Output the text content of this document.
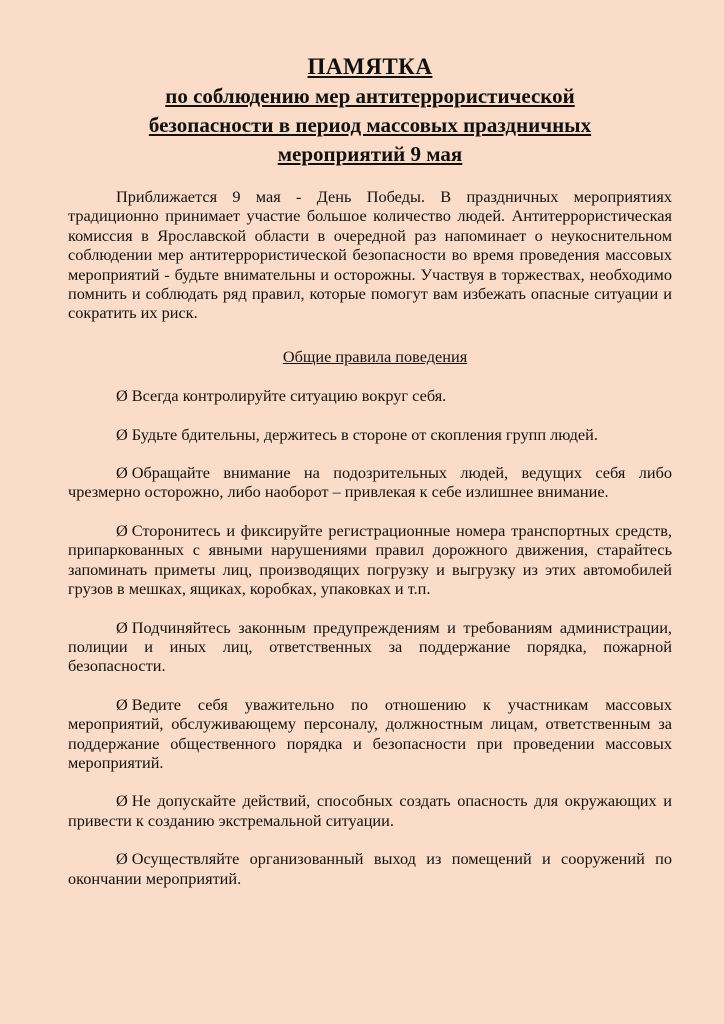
ПАМЯТКА
по соблюдению мер антитеррористической
безопасности в период массовых праздничных
мероприятий 9 мая

Приближается 9 мая - День Победы. В праздничных мероприятиях традиционно принимает участие большое количество людей. Антитеррористическая комиссия в Ярославской области в очередной раз напоминает о неукоснительном соблюдении мер антитеррористической безопасности во время проведения массовых мероприятий - будьте внимательны и осторожны. Участвуя в торжествах, необходимо помнить и соблюдать ряд правил, которые помогут вам избежать опасные ситуации и сократить их риск.

Общие правила поведения

Ø Всегда контролируйте ситуацию вокруг себя.

Ø Будьте бдительны, держитесь в стороне от скопления групп людей.

Ø Обращайте внимание на подозрительных людей, ведущих себя либо чрезмерно осторожно, либо наоборот – привлекая к себе излишнее внимание.

Ø Сторонитесь и фиксируйте регистрационные номера транспортных средств, припаркованных с явными нарушениями правил дорожного движения, старайтесь запоминать приметы лиц, производящих погрузку и выгрузку из этих автомобилей грузов в мешках, ящиках, коробках, упаковках и т.п.

Ø Подчиняйтесь законным предупреждениям и требованиям администрации, полиции и иных лиц, ответственных за поддержание порядка, пожарной безопасности.

Ø Ведите себя уважительно по отношению к участникам массовых мероприятий, обслуживающему персоналу, должностным лицам, ответственным за поддержание общественного порядка и безопасности при проведении массовых мероприятий.

Ø Не допускайте действий, способных создать опасность для окружающих и привести к созданию экстремальной ситуации.

Ø Осуществляйте организованный выход из помещений и сооружений по окончании мероприятий.
